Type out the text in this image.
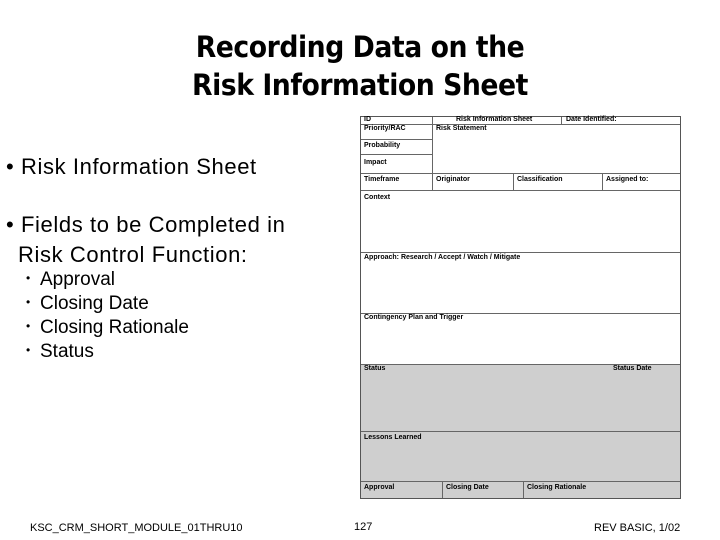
Recording Data on the
Risk Information Sheet
• Risk Information Sheet
• Fields to be Completed in
Risk Control Function:
• Approval
• Closing Date
• Closing Rationale
• Status
ID	Risk Information Sheet	Date Identified:
Priority/RAC	Risk Statement
Probability
Impact
Timeframe	Originator	Classification	Assigned to:
Context
Approach: Research / Accept / Watch / Mitigate
Contingency Plan and Trigger
Status	Status Date
Lessons Learned
Approval	Closing Date	Closing Rationale
KSC_CRM_SHORT_MODULE_01THRU10	127	REV BASIC, 1/02
